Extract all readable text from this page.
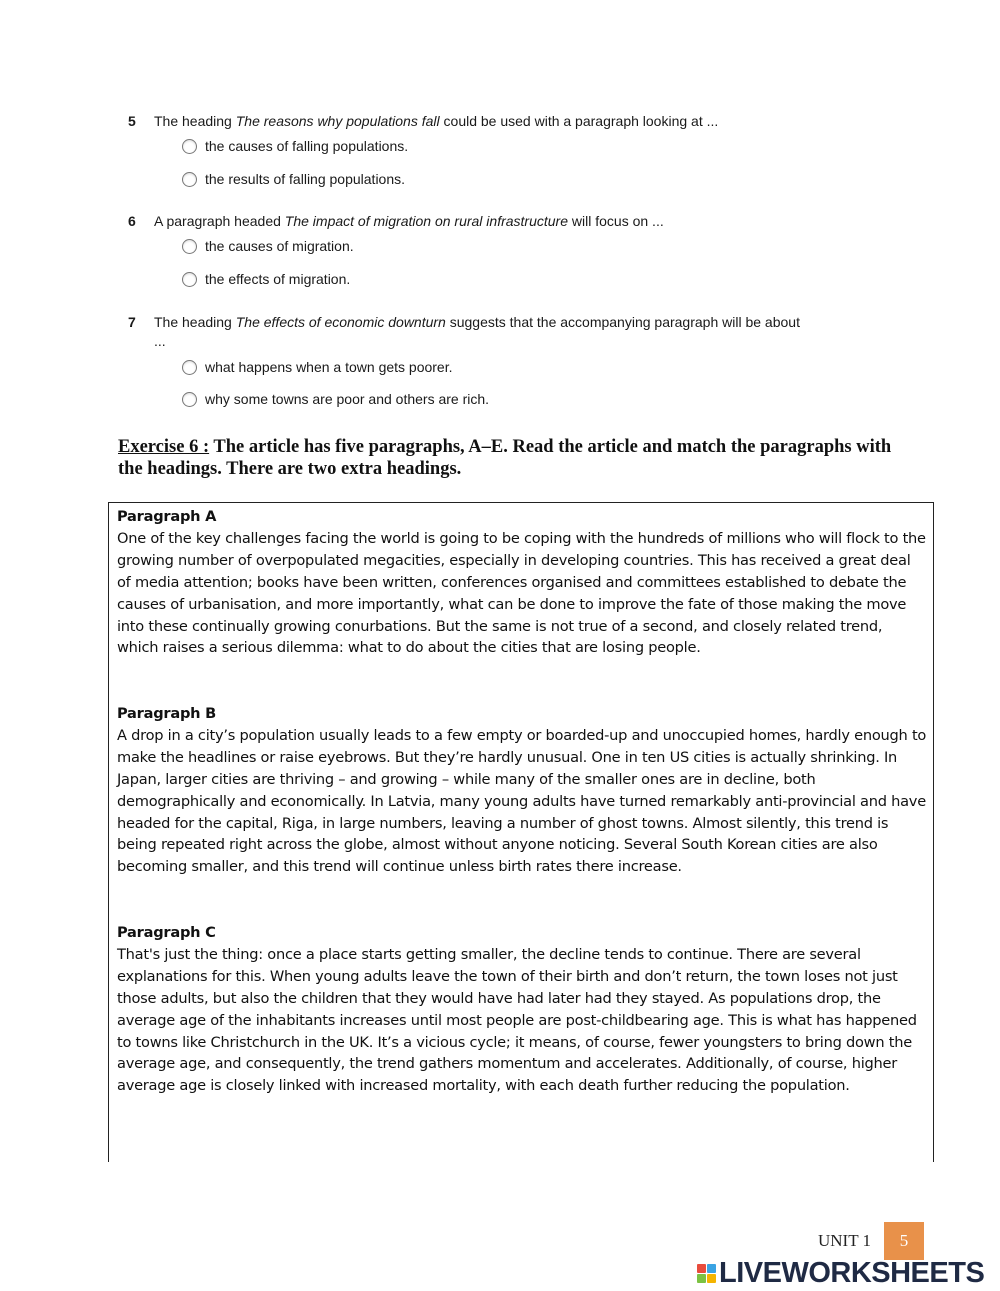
5 The heading The reasons why populations fall could be used with a paragraph looking at ...
the causes of falling populations.
the results of falling populations.
6 A paragraph headed The impact of migration on rural infrastructure will focus on ...
the causes of migration.
the effects of migration.
7 The heading The effects of economic downturn suggests that the accompanying paragraph will be about ...
what happens when a town gets poorer.
why some towns are poor and others are rich.
Exercise 6 : The article has five paragraphs, A–E. Read the article and match the paragraphs with the headings. There are two extra headings.
Paragraph A
One of the key challenges facing the world is going to be coping with the hundreds of millions who will flock to the growing number of overpopulated megacities, especially in developing countries. This has received a great deal of media attention; books have been written, conferences organised and committees established to debate the causes of urbanisation, and more importantly, what can be done to improve the fate of those making the move into these continually growing conurbations. But the same is not true of a second, and closely related trend, which raises a serious dilemma: what to do about the cities that are losing people.
Paragraph B
A drop in a city’s population usually leads to a few empty or boarded-up and unoccupied homes, hardly enough to make the headlines or raise eyebrows. But they’re hardly unusual. One in ten US cities is actually shrinking. In Japan, larger cities are thriving – and growing – while many of the smaller ones are in decline, both demographically and economically. In Latvia, many young adults have turned remarkably anti-provincial and have headed for the capital, Riga, in large numbers, leaving a number of ghost towns. Almost silently, this trend is being repeated right across the globe, almost without anyone noticing. Several South Korean cities are also becoming smaller, and this trend will continue unless birth rates there increase.
Paragraph C
That's just the thing: once a place starts getting smaller, the decline tends to continue. There are several explanations for this. When young adults leave the town of their birth and don’t return, the town loses not just those adults, but also the children that they would have had later had they stayed. As populations drop, the average age of the inhabitants increases until most people are post-childbearing age. This is what has happened to towns like Christchurch in the UK. It’s a vicious cycle; it means, of course, fewer youngsters to bring down the average age, and consequently, the trend gathers momentum and accelerates. Additionally, of course, higher average age is closely linked with increased mortality, with each death further reducing the population.
UNIT 1	5
LIVEWORKSHEETS
